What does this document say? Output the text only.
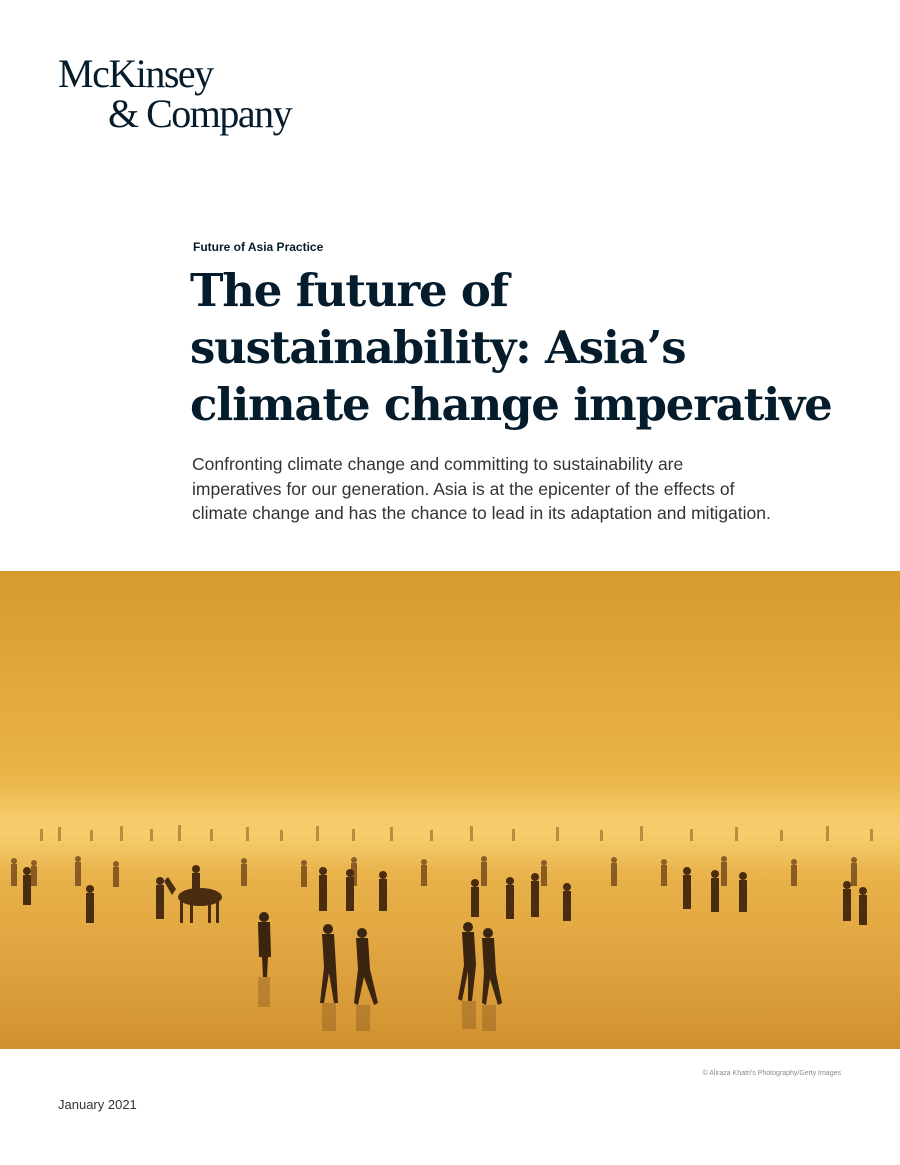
McKinsey
& Company
Future of Asia Practice
The future of
sustainability: Asia’s
climate change imperative

Confronting climate change and committing to sustainability are
imperatives for our generation. Asia is at the epicenter of the effects of
climate change and has the chance to lead in its adaptation and mitigation.

© Aliraza Khatri’s Photography/Getty Images
January 2021
